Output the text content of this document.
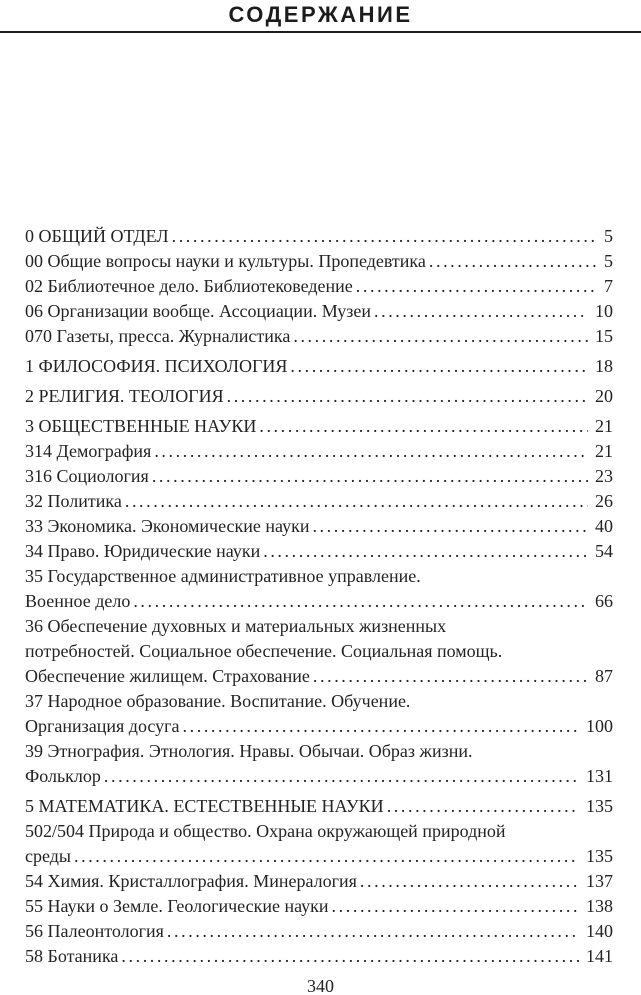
СОДЕРЖАНИЕ
0 ОБЩИЙ ОТДЕЛ .....	5
00 Общие вопросы науки и культуры. Пропедевтика .....	5
02 Библиотечное дело. Библиотековедение .....	7
06 Организации вообще. Ассоциации. Музеи .....	10
070 Газеты, пресса. Журналистика .....	15
1 ФИЛОСОФИЯ. ПСИХОЛОГИЯ .....	18
2 РЕЛИГИЯ. ТЕОЛОГИЯ .....	20
3 ОБЩЕСТВЕННЫЕ НАУКИ .....	21
314 Демография .....	21
316 Социология .....	23
32 Политика .....	26
33 Экономика. Экономические науки .....	40
34 Право. Юридические науки .....	54
35 Государственное административное управление.
Военное дело .....	66
36 Обеспечение духовных и материальных жизненных
потребностей. Социальное обеспечение. Социальная помощь.
Обеспечение жилищем. Страхование .....	87
37 Народное образование. Воспитание. Обучение.
Организация досуга .....	100
39 Этнография. Этнология. Нравы. Обычаи. Образ жизни.
Фольклор .....	131
5 МАТЕМАТИКА. ЕСТЕСТВЕННЫЕ НАУКИ .....	135
502/504 Природа и общество. Охрана окружающей природной
среды .....	135
54 Химия. Кристаллография. Минералогия .....	137
55 Науки о Земле. Геологические науки .....	138
56 Палеонтология .....	140
58 Ботаника .....	141
340
